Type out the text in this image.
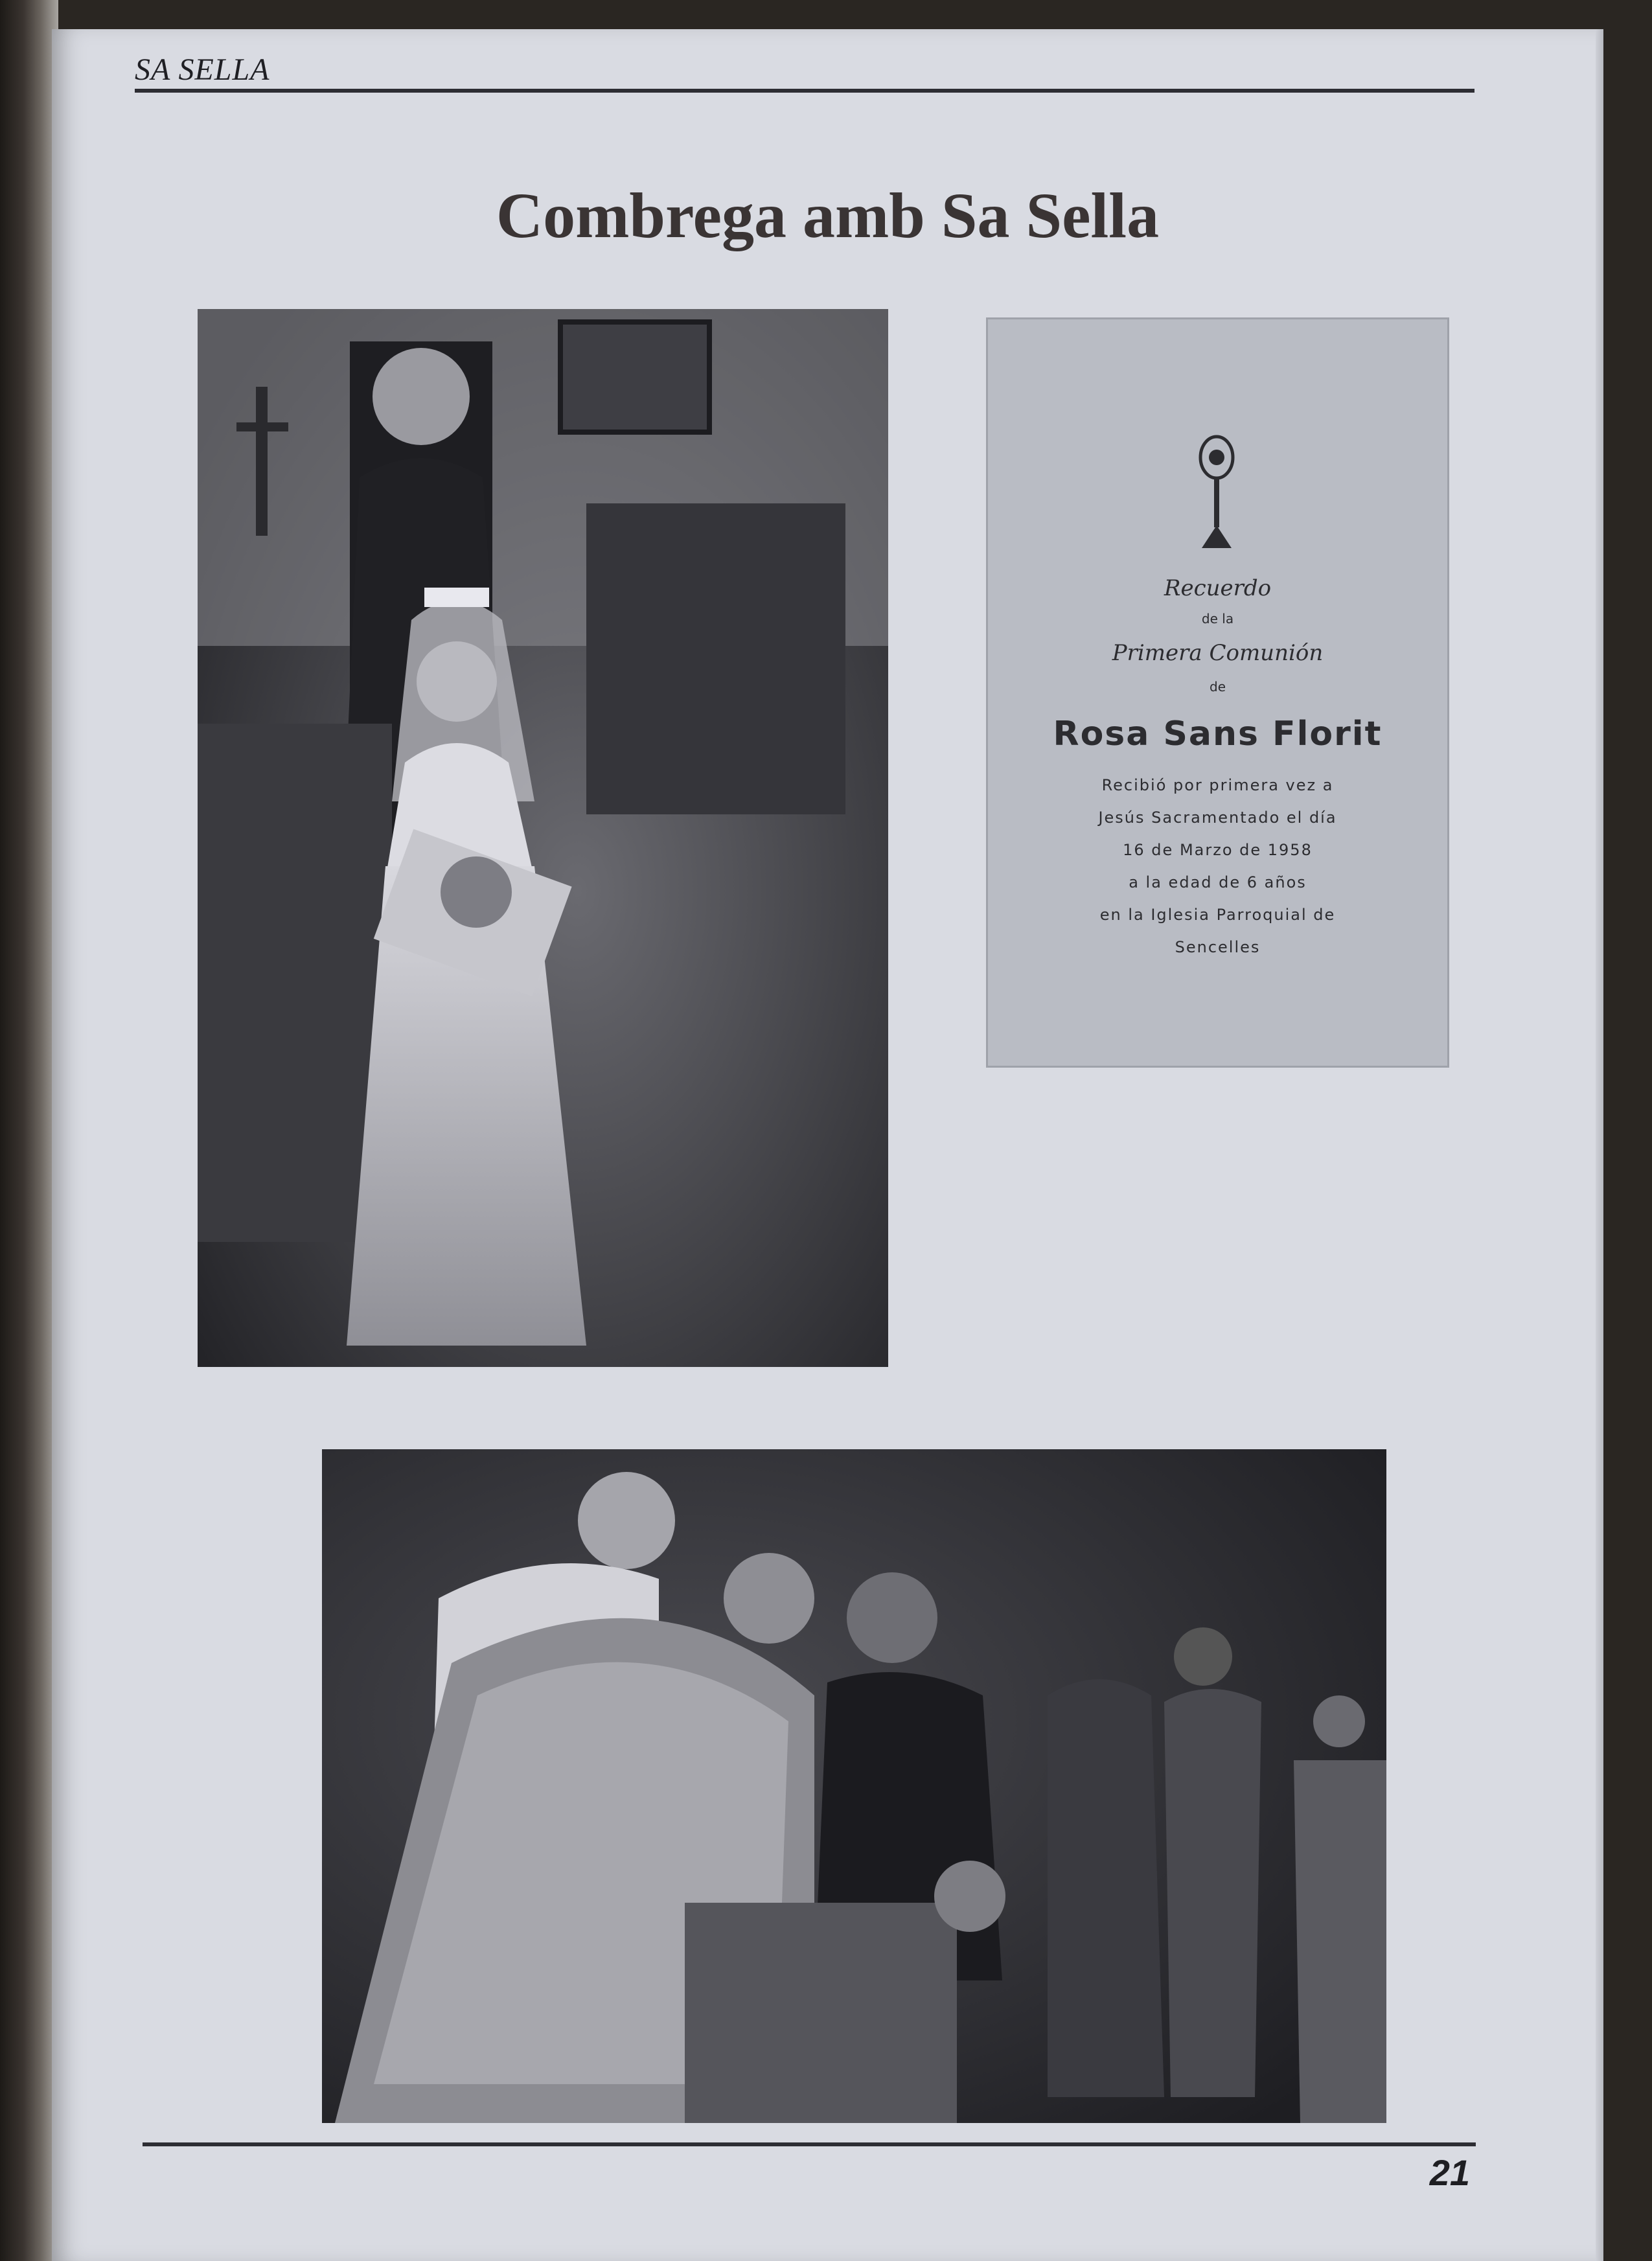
SA SELLA
Combrega amb Sa Sella
Recuerdo
de la
Primera Comunión
de
Rosa Sans Florit
Recibió por primera vez a
Jesús Sacramentado el día
16 de Marzo de 1958
a la edad de 6 años
en la Iglesia Parroquial de
Sencelles
21
